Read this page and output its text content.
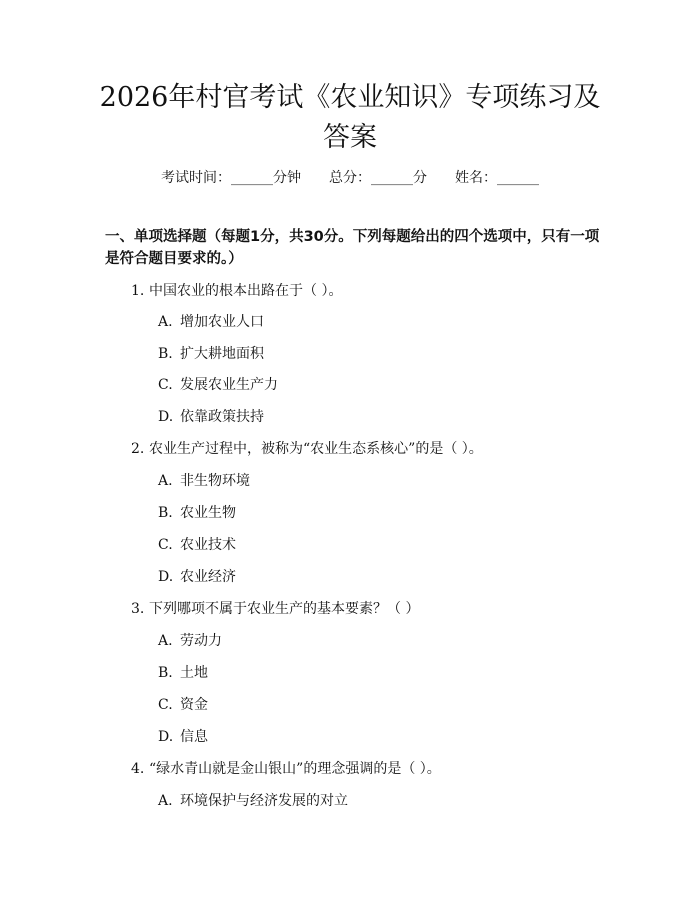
2026年村官考试《农业知识》专项练习及答案
考试时间：______分钟 总分：______分 姓名：______
一、单项选择题（每题1分，共30分。下列每题给出的四个选项中，只有一项是符合题目要求的。）
1. 中国农业的根本出路在于（ ）。
A. 增加农业人口
B. 扩大耕地面积
C. 发展农业生产力
D. 依靠政策扶持
2. 农业生产过程中，被称为“农业生态系核心”的是（ ）。
A. 非生物环境
B. 农业生物
C. 农业技术
D. 农业经济
3. 下列哪项不属于农业生产的基本要素？（ ）
A. 劳动力
B. 土地
C. 资金
D. 信息
4. “绿水青山就是金山银山”的理念强调的是（ ）。
A. 环境保护与经济发展的对立
